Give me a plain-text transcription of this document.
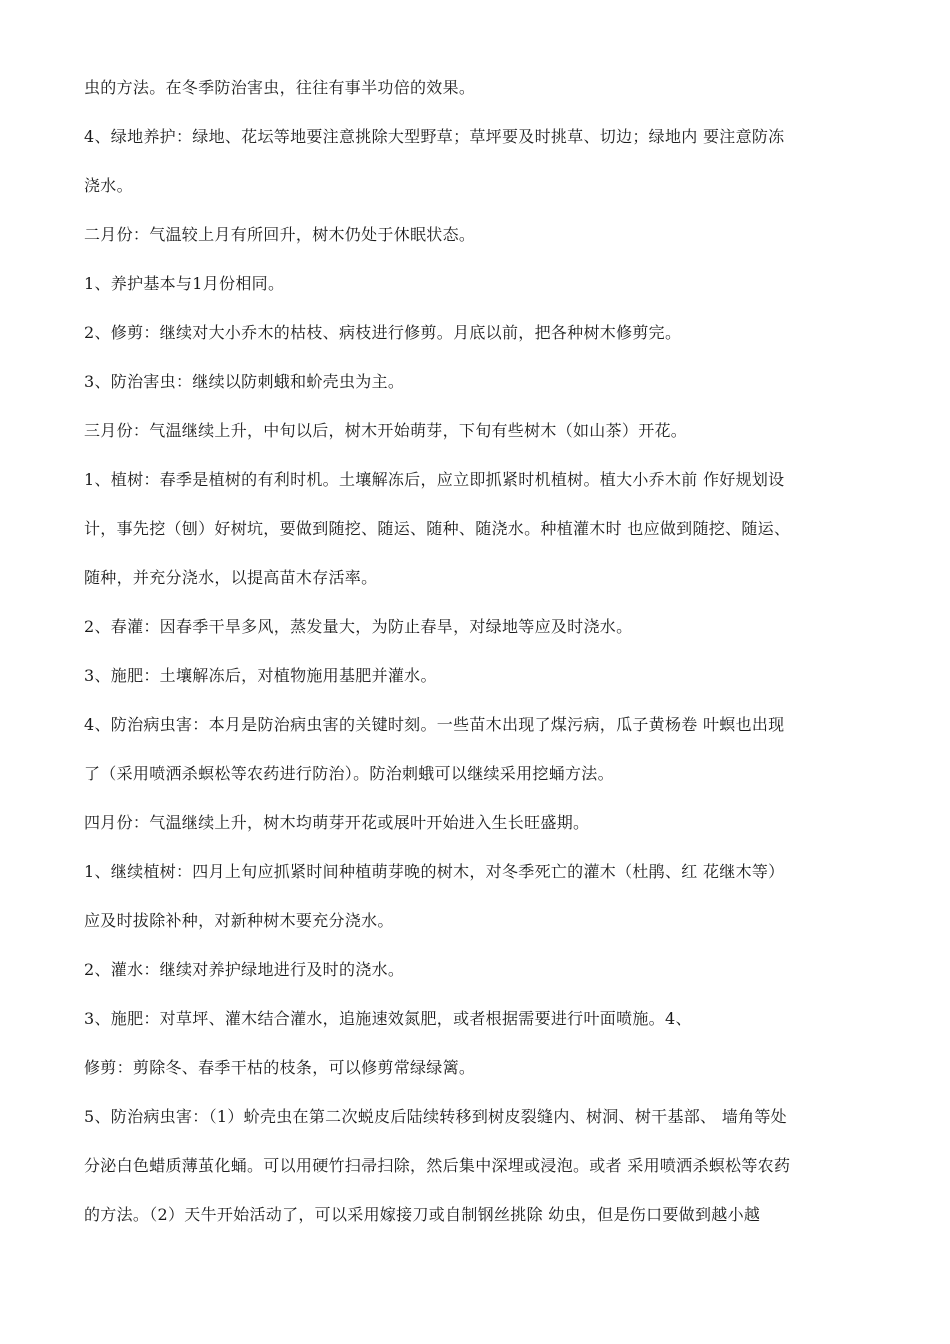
虫的方法。在冬季防治害虫，往往有事半功倍的效果。
4、绿地养护：绿地、花坛等地要注意挑除大型野草；草坪要及时挑草、切边；绿地内 要注意防冻
浇水。
二月份：气温较上月有所回升，树木仍处于休眠状态。
1、养护基本与1月份相同。
2、修剪：继续对大小乔木的枯枝、病枝进行修剪。月底以前，把各种树木修剪完。
3、防治害虫：继续以防刺蛾和蚧壳虫为主。
三月份：气温继续上升，中旬以后，树木开始萌芽，下旬有些树木（如山茶）开花。
1、植树：春季是植树的有利时机。土壤解冻后，应立即抓紧时机植树。植大小乔木前 作好规划设
计，事先挖（刨）好树坑，要做到随挖、随运、随种、随浇水。种植灌木时 也应做到随挖、随运、
随种，并充分浇水，以提高苗木存活率。
2、春灌：因春季干旱多风，蒸发量大，为防止春旱，对绿地等应及时浇水。
3、施肥：土壤解冻后，对植物施用基肥并灌水。
4、防治病虫害：本月是防治病虫害的关键时刻。一些苗木出现了煤污病，瓜子黄杨卷 叶螟也出现
了（采用喷洒杀螟松等农药进行防治）。防治刺蛾可以继续采用挖蛹方法。
四月份：气温继续上升，树木均萌芽开花或展叶开始进入生长旺盛期。
1、继续植树：四月上旬应抓紧时间种植萌芽晚的树木，对冬季死亡的灌木（杜鹃、红 花继木等）
应及时拔除补种，对新种树木要充分浇水。
2、灌水：继续对养护绿地进行及时的浇水。
3、施肥：对草坪、灌木结合灌水，追施速效氮肥，或者根据需要进行叶面喷施。4、
修剪：剪除冬、春季干枯的枝条，可以修剪常绿绿篱。
5、防治病虫害：（1）蚧壳虫在第二次蜕皮后陆续转移到树皮裂缝内、树洞、树干基部、 墙角等处
分泌白色蜡质薄茧化蛹。可以用硬竹扫帚扫除，然后集中深埋或浸泡。或者 采用喷洒杀螟松等农药
的方法。（2）天牛开始活动了，可以采用嫁接刀或自制钢丝挑除 幼虫，但是伤口要做到越小越
